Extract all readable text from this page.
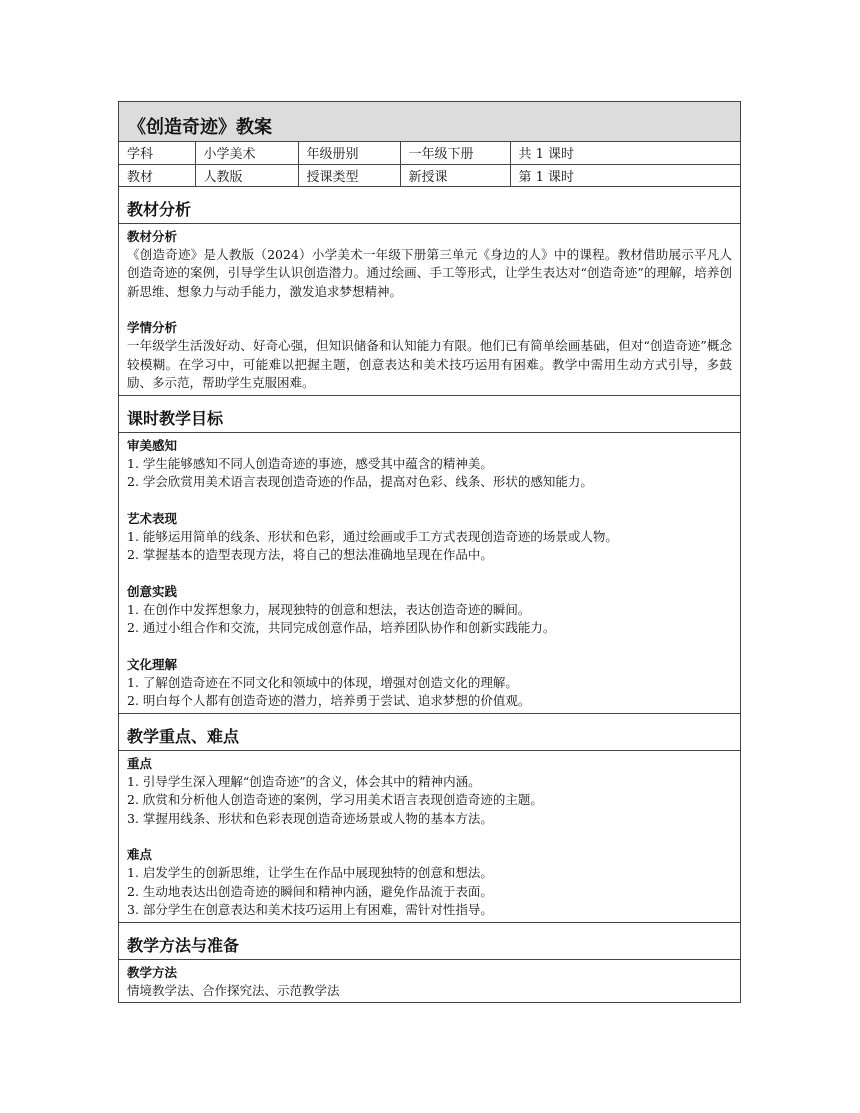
《创造奇迹》教案
学科	小学美术	年级册别	一年级下册	共 1 课时
教材	人教版	授课类型	新授课	第 1 课时
教材分析
教材分析
《创造奇迹》是人教版（2024）小学美术一年级下册第三单元《身边的人》中的课程。教材借助展示平凡人创造奇迹的案例，引导学生认识创造潜力。通过绘画、手工等形式，让学生表达对“创造奇迹”的理解，培养创新思维、想象力与动手能力，激发追求梦想精神。
学情分析
一年级学生活泼好动、好奇心强，但知识储备和认知能力有限。他们已有简单绘画基础，但对“创造奇迹”概念较模糊。在学习中，可能难以把握主题，创意表达和美术技巧运用有困难。教学中需用生动方式引导，多鼓励、多示范，帮助学生克服困难。
课时教学目标
审美感知
1. 学生能够感知不同人创造奇迹的事迹，感受其中蕴含的精神美。
2. 学会欣赏用美术语言表现创造奇迹的作品，提高对色彩、线条、形状的感知能力。
艺术表现
1. 能够运用简单的线条、形状和色彩，通过绘画或手工方式表现创造奇迹的场景或人物。
2. 掌握基本的造型表现方法，将自己的想法准确地呈现在作品中。
创意实践
1. 在创作中发挥想象力，展现独特的创意和想法，表达创造奇迹的瞬间。
2. 通过小组合作和交流，共同完成创意作品，培养团队协作和创新实践能力。
文化理解
1. 了解创造奇迹在不同文化和领域中的体现，增强对创造文化的理解。
2. 明白每个人都有创造奇迹的潜力，培养勇于尝试、追求梦想的价值观。
教学重点、难点
重点
1. 引导学生深入理解“创造奇迹”的含义，体会其中的精神内涵。
2. 欣赏和分析他人创造奇迹的案例，学习用美术语言表现创造奇迹的主题。
3. 掌握用线条、形状和色彩表现创造奇迹场景或人物的基本方法。
难点
1. 启发学生的创新思维，让学生在作品中展现独特的创意和想法。
2. 生动地表达出创造奇迹的瞬间和精神内涵，避免作品流于表面。
3. 部分学生在创意表达和美术技巧运用上有困难，需针对性指导。
教学方法与准备
教学方法
情境教学法、合作探究法、示范教学法
